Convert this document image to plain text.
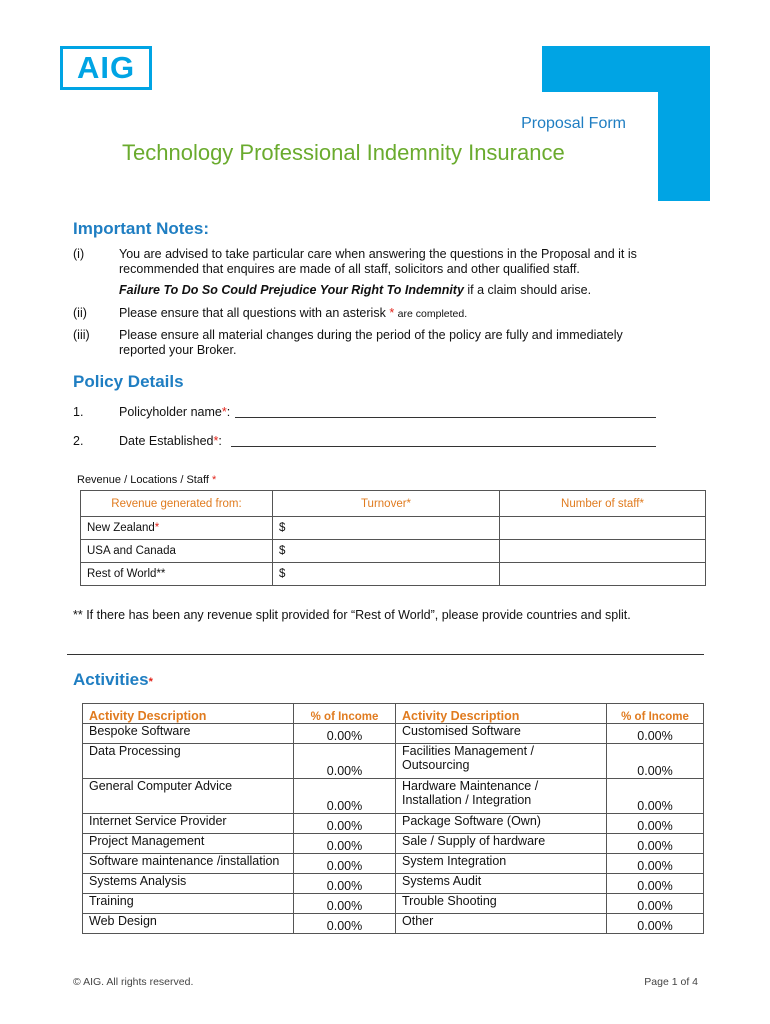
AIG
Proposal Form
Technology Professional Indemnity Insurance
Important Notes:
(i)	You are advised to take particular care when answering the questions in the Proposal and it is recommended that enquires are made of all staff, solicitors and other qualified staff.
Failure To Do So Could Prejudice Your Right To Indemnity if a claim should arise.
(ii)	Please ensure that all questions with an asterisk * are completed.
(iii) Please ensure all material changes during the period of the policy are fully and immediately reported your Broker.
Policy Details
1.	Policyholder name*:
2.	Date Established*:
Revenue / Locations / Staff *
Revenue generated from:	Turnover*	Number of staff*
New Zealand*	$	
USA and Canada	$	
Rest of World**	$	
** If there has been any revenue split provided for “Rest of World”, please provide countries and split.
Activities*
Activity Description	% of Income	Activity Description	% of Income
Bespoke Software	0.00%	Customised Software	0.00%
Data Processing	0.00%	Facilities Management / Outsourcing	0.00%
General Computer Advice	0.00%	Hardware Maintenance / Installation / Integration	0.00%
Internet Service Provider	0.00%	Package Software (Own)	0.00%
Project Management	0.00%	Sale / Supply of hardware	0.00%
Software maintenance /installation	0.00%	System Integration	0.00%
Systems Analysis	0.00%	Systems Audit	0.00%
Training	0.00%	Trouble Shooting	0.00%
Web Design	0.00%	Other	0.00%
© AIG. All rights reserved.	Page 1 of 4
